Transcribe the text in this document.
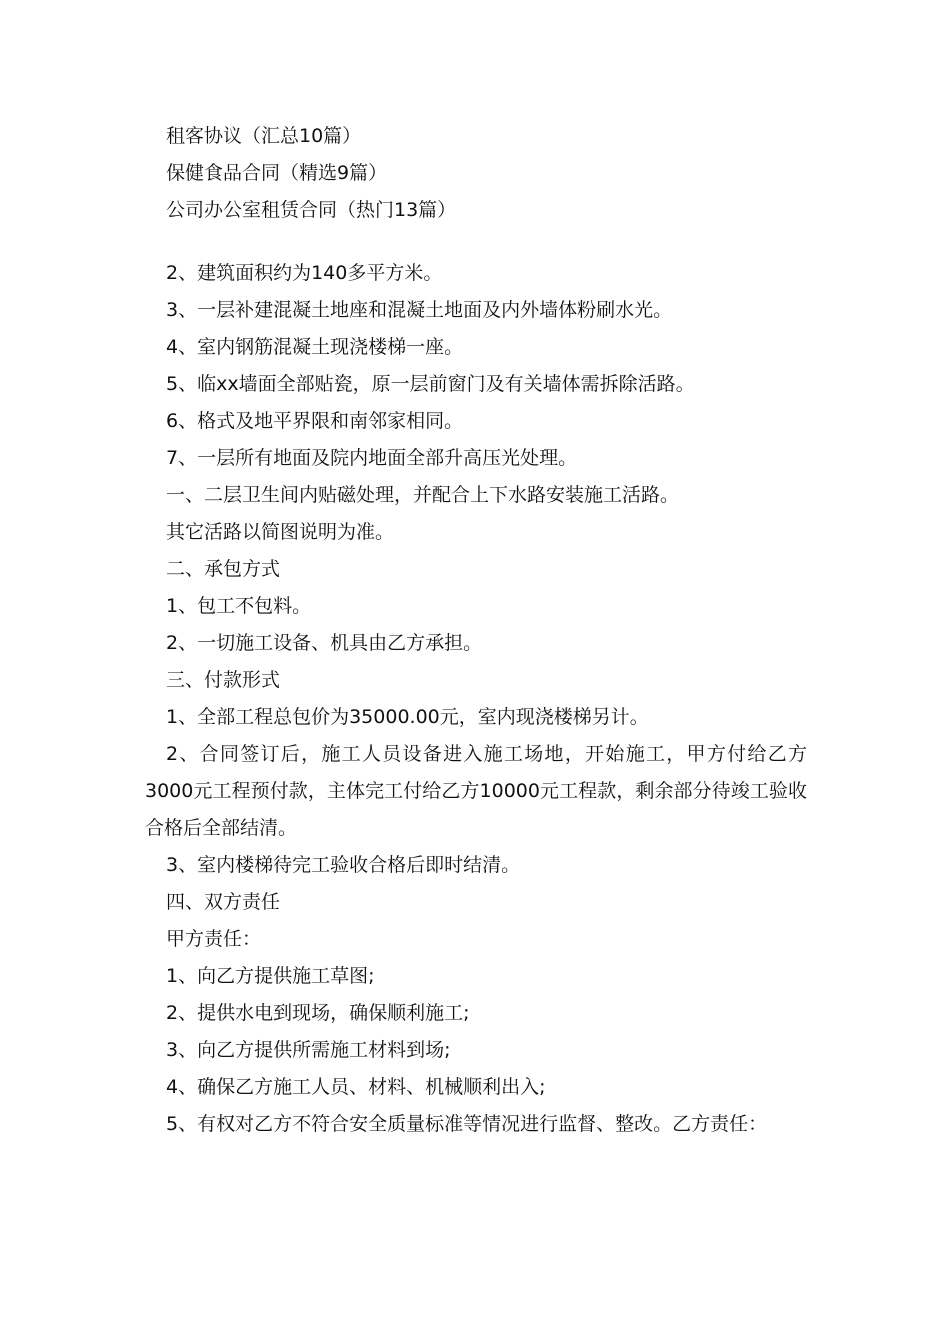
租客协议（汇总10篇）

保健食品合同（精选9篇）

公司办公室租赁合同（热门13篇）

2、建筑面积约为140多平方米。

3、一层补建混凝土地座和混凝土地面及内外墙体粉刷水光。

4、室内钢筋混凝土现浇楼梯一座。

5、临xx墙面全部贴瓷，原一层前窗门及有关墙体需拆除活路。

6、格式及地平界限和南邻家相同。

7、一层所有地面及院内地面全部升高压光处理。

一、二层卫生间内贴磁处理，并配合上下水路安装施工活路。

其它活路以简图说明为准。

二、承包方式

1、包工不包料。

2、一切施工设备、机具由乙方承担。

三、付款形式

1、全部工程总包价为35000.00元，室内现浇楼梯另计。

2、合同签订后，施工人员设备进入施工场地，开始施工，甲方付给乙方3000元工程预付款，主体完工付给乙方10000元工程款，剩余部分待竣工验收合格后全部结清。

3、室内楼梯待完工验收合格后即时结清。

四、双方责任

甲方责任：

1、向乙方提供施工草图;

2、提供水电到现场，确保顺利施工;

3、向乙方提供所需施工材料到场;

4、确保乙方施工人员、材料、机械顺利出入;

5、有权对乙方不符合安全质量标准等情况进行监督、整改。乙方责任：
